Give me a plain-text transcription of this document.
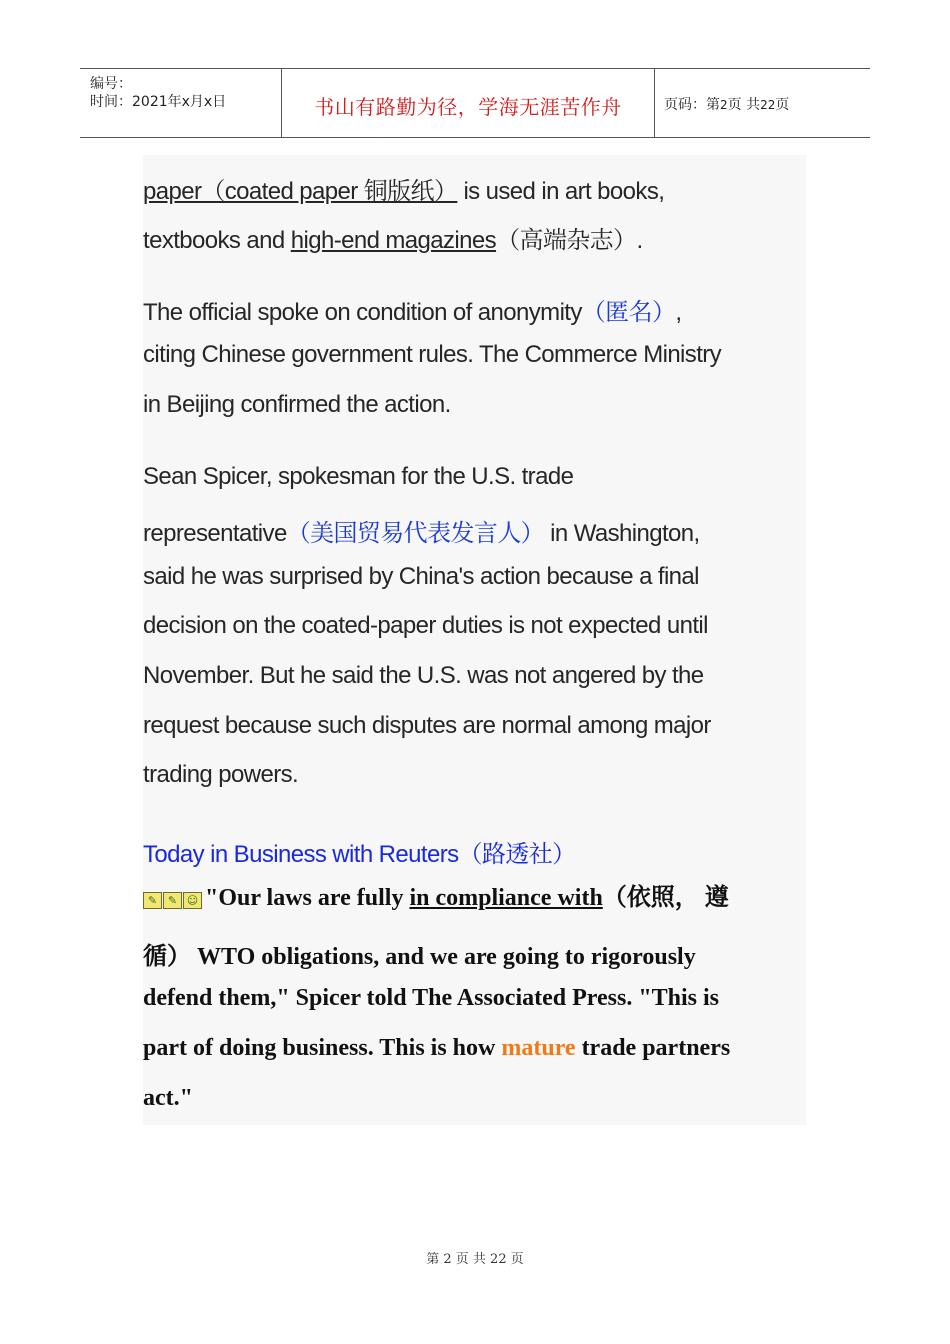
编号：
时间：2021年x月x日	书山有路勤为径，学海无涯苦作舟	页码：第2页 共22页
paper（coated paper 铜版纸） is used in art books,
textbooks and high-end magazines（高端杂志）.
The official spoke on condition of anonymity（匿名）,
citing Chinese government rules. The Commerce Ministry
in Beijing confirmed the action.
Sean Spicer, spokesman for the U.S. trade
representative（美国贸易代表发言人） in Washington,
said he was surprised by China's action because a final
decision on the coated-paper duties is not expected until
November. But he said the U.S. was not angered by the
request because such disputes are normal among major
trading powers.
Today in Business with Reuters（路透社）
✎ ✎ ☺ "Our laws are fully in compliance with（依照， 遵
循） WTO obligations, and we are going to rigorously
defend them," Spicer told The Associated Press. "This is
part of doing business. This is how mature trade partners
act."
第 2 页 共 22 页
